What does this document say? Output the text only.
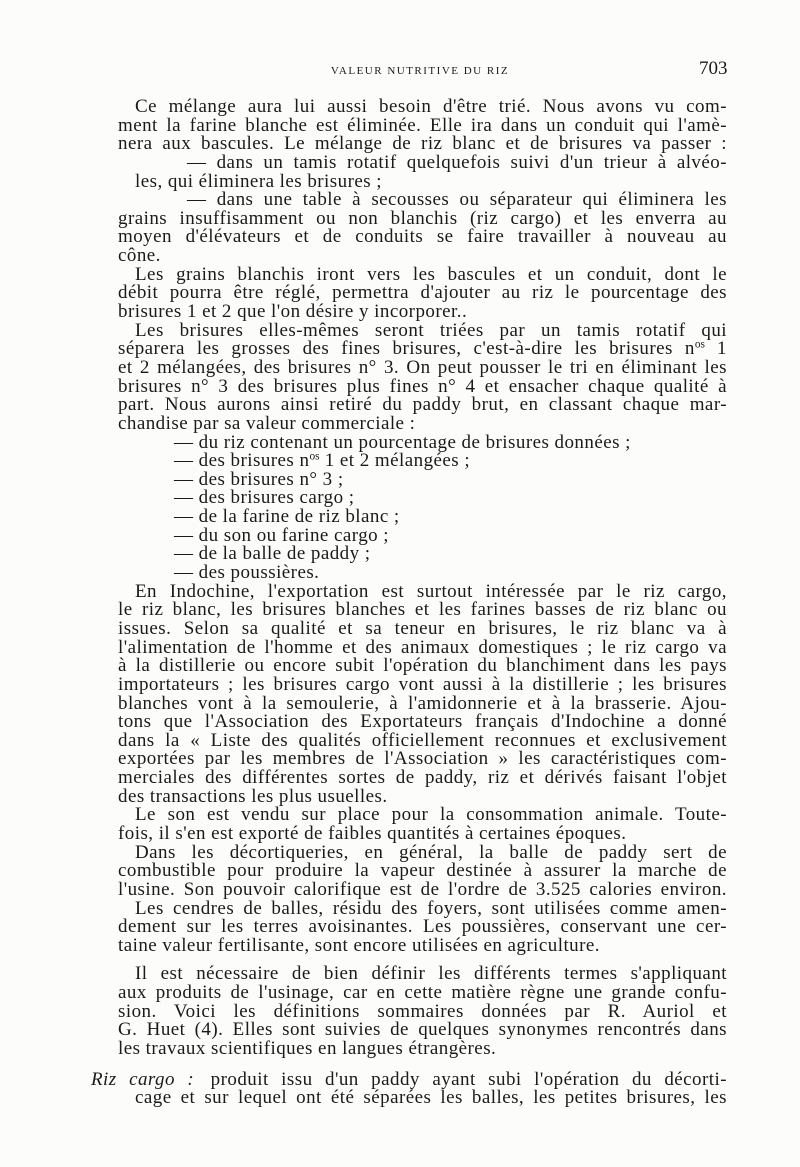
VALEUR NUTRITIVE DU RIZ	703
Ce mélange aura lui aussi besoin d'être trié. Nous avons vu com-
ment la farine blanche est éliminée. Elle ira dans un conduit qui l'amè-
nera aux bascules. Le mélange de riz blanc et de brisures va passer :
— dans un tamis rotatif quelquefois suivi d'un trieur à alvéo-
les, qui éliminera les brisures ;
— dans une table à secousses ou séparateur qui éliminera les
grains insuffisamment ou non blanchis (riz cargo) et les enverra au
moyen d'élévateurs et de conduits se faire travailler à nouveau au
cône.
Les grains blanchis iront vers les bascules et un conduit, dont le
débit pourra être réglé, permettra d'ajouter au riz le pourcentage des
brisures 1 et 2 que l'on désire y incorporer..
Les brisures elles-mêmes seront triées par un tamis rotatif qui
séparera les grosses des fines brisures, c'est-à-dire les brisures $n^{os}$ 1
et 2 mélangées, des brisures n° 3. On peut pousser le tri en éliminant les
brisures n° 3 des brisures plus fines n° 4 et ensacher chaque qualité à
part. Nous aurons ainsi retiré du paddy brut, en classant chaque mar-
chandise par sa valeur commerciale :
— du riz contenant un pourcentage de brisures données ;
— des brisures $n^{os}$ 1 et 2 mélangées ;
— des brisures n° 3 ;
— des brisures cargo ;
— de la farine de riz blanc ;
— du son ou farine cargo ;
— de la balle de paddy ;
— des poussières.
En Indochine, l'exportation est surtout intéressée par le riz cargo,
le riz blanc, les brisures blanches et les farines basses de riz blanc ou
issues. Selon sa qualité et sa teneur en brisures, le riz blanc va à
l'alimentation de l'homme et des animaux domestiques ; le riz cargo va
à la distillerie ou encore subit l'opération du blanchiment dans les pays
importateurs ; les brisures cargo vont aussi à la distillerie ; les brisures
blanches vont à la semoulerie, à l'amidonnerie et à la brasserie. Ajou-
tons que l'Association des Exportateurs français d'Indochine a donné
dans la « Liste des qualités officiellement reconnues et exclusivement
exportées par les membres de l'Association » les caractéristiques com-
merciales des différentes sortes de paddy, riz et dérivés faisant l'objet
des transactions les plus usuelles.
Le son est vendu sur place pour la consommation animale. Toute-
fois, il s'en est exporté de faibles quantités à certaines époques.
Dans les décortiqueries, en général, la balle de paddy sert de
combustible pour produire la vapeur destinée à assurer la marche de
l'usine. Son pouvoir calorifique est de l'ordre de 3.525 calories environ.
Les cendres de balles, résidu des foyers, sont utilisées comme amen-
dement sur les terres avoisinantes. Les poussières, conservant une cer-
taine valeur fertilisante, sont encore utilisées en agriculture.
Il est nécessaire de bien définir les différents termes s'appliquant
aux produits de l'usinage, car en cette matière règne une grande confu-
sion. Voici les définitions sommaires données par R. Auriol et
G. Huet (4). Elles sont suivies de quelques synonymes rencontrés dans
les travaux scientifiques en langues étrangères.
Riz cargo : produit issu d'un paddy ayant subi l'opération du décorti-
cage et sur lequel ont été séparées les balles, les petites brisures, les
